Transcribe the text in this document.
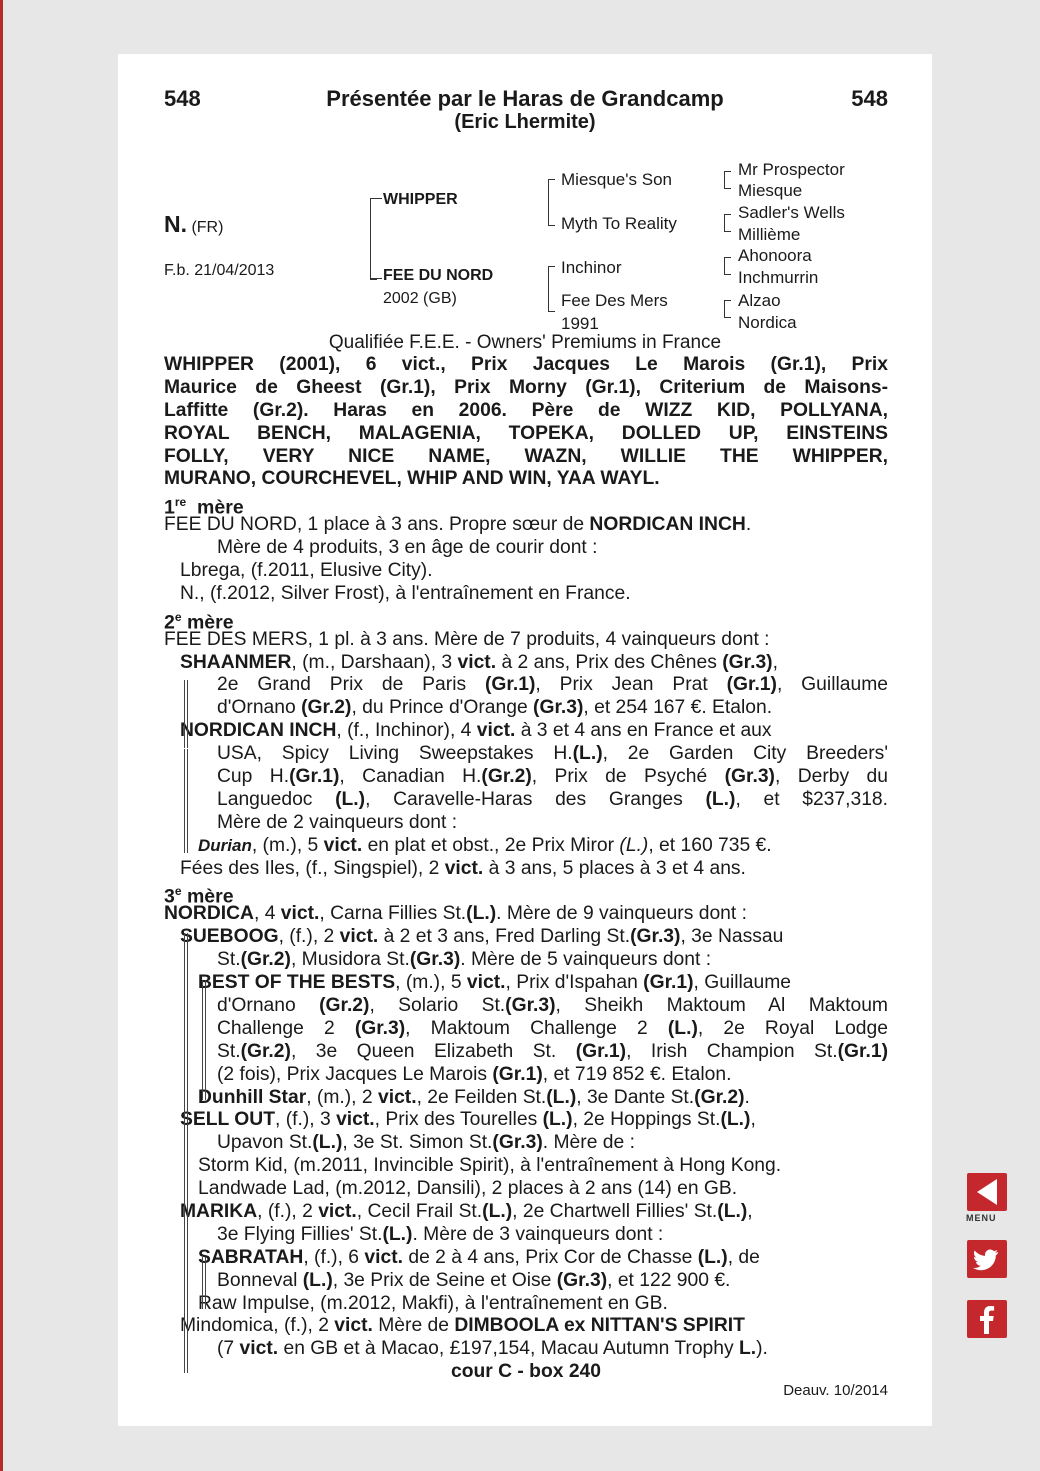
548	548
Présentée par le Haras de Grandcamp
(Eric Lhermite)
N. (FR)
F.b. 21/04/2013
WHIPPER
FEE DU NORD
2002 (GB)
Miesque's Son
Myth To Reality
Inchinor
Fee Des Mers
1991
Mr Prospector
Miesque
Sadler's Wells
Millième
Ahonoora
Inchmurrin
Alzao
Nordica
Qualifiée F.E.E. - Owners' Premiums in France
WHIPPER (2001), 6 vict., Prix Jacques Le Marois (Gr.1), Prix
Maurice de Gheest (Gr.1), Prix Morny (Gr.1), Criterium de Maisons-
Laffitte (Gr.2). Haras en 2006. Père de WIZZ KID, POLLYANA,
ROYAL BENCH, MALAGENIA, TOPEKA, DOLLED UP, EINSTEINS
FOLLY, VERY NICE NAME, WAZN, WILLIE THE WHIPPER,
MURANO, COURCHEVEL, WHIP AND WIN, YAA WAYL.
1re mère
FEE DU NORD, 1 place à 3 ans. Propre sœur de NORDICAN INCH.
Mère de 4 produits, 3 en âge de courir dont :
Lbrega, (f.2011, Elusive City).
N., (f.2012, Silver Frost), à l'entraînement en France.
2e mère
FEE DES MERS, 1 pl. à 3 ans. Mère de 7 produits, 4 vainqueurs dont :
SHAANMER, (m., Darshaan), 3 vict. à 2 ans, Prix des Chênes (Gr.3),
2e Grand Prix de Paris (Gr.1), Prix Jean Prat (Gr.1), Guillaume
d'Ornano (Gr.2), du Prince d'Orange (Gr.3), et 254 167 €. Etalon.
NORDICAN INCH, (f., Inchinor), 4 vict. à 3 et 4 ans en France et aux
USA, Spicy Living Sweepstakes H.(L.), 2e Garden City Breeders'
Cup H.(Gr.1), Canadian H.(Gr.2), Prix de Psyché (Gr.3), Derby du
Languedoc (L.), Caravelle-Haras des Granges (L.), et $237,318.
Mère de 2 vainqueurs dont :
Durian, (m.), 5 vict. en plat et obst., 2e Prix Miror (L.), et 160 735 €.
Fées des Iles, (f., Singspiel), 2 vict. à 3 ans, 5 places à 3 et 4 ans.
3e mère
NORDICA, 4 vict., Carna Fillies St.(L.). Mère de 9 vainqueurs dont :
SUEBOOG, (f.), 2 vict. à 2 et 3 ans, Fred Darling St.(Gr.3), 3e Nassau
St.(Gr.2), Musidora St.(Gr.3). Mère de 5 vainqueurs dont :
BEST OF THE BESTS, (m.), 5 vict., Prix d'Ispahan (Gr.1), Guillaume
d'Ornano (Gr.2), Solario St.(Gr.3), Sheikh Maktoum Al Maktoum
Challenge 2 (Gr.3), Maktoum Challenge 2 (L.), 2e Royal Lodge
St.(Gr.2), 3e Queen Elizabeth St. (Gr.1), Irish Champion St.(Gr.1)
(2 fois), Prix Jacques Le Marois (Gr.1), et 719 852 €. Etalon.
Dunhill Star, (m.), 2 vict., 2e Feilden St.(L.), 3e Dante St.(Gr.2).
SELL OUT, (f.), 3 vict., Prix des Tourelles (L.), 2e Hoppings St.(L.),
Upavon St.(L.), 3e St. Simon St.(Gr.3). Mère de :
Storm Kid, (m.2011, Invincible Spirit), à l'entraînement à Hong Kong.
Landwade Lad, (m.2012, Dansili), 2 places à 2 ans (14) en GB.
MARIKA, (f.), 2 vict., Cecil Frail St.(L.), 2e Chartwell Fillies' St.(L.),
3e Flying Fillies' St.(L.). Mère de 3 vainqueurs dont :
SABRATAH, (f.), 6 vict. de 2 à 4 ans, Prix Cor de Chasse (L.), de
Bonneval (L.), 3e Prix de Seine et Oise (Gr.3), et 122 900 €.
Raw Impulse, (m.2012, Makfi), à l'entraînement en GB.
Mindomica, (f.), 2 vict. Mère de DIMBOOLA ex NITTAN'S SPIRIT
(7 vict. en GB et à Macao, £197,154, Macau Autumn Trophy L.).
cour C - box 240
Deauv. 10/2014
MENU
